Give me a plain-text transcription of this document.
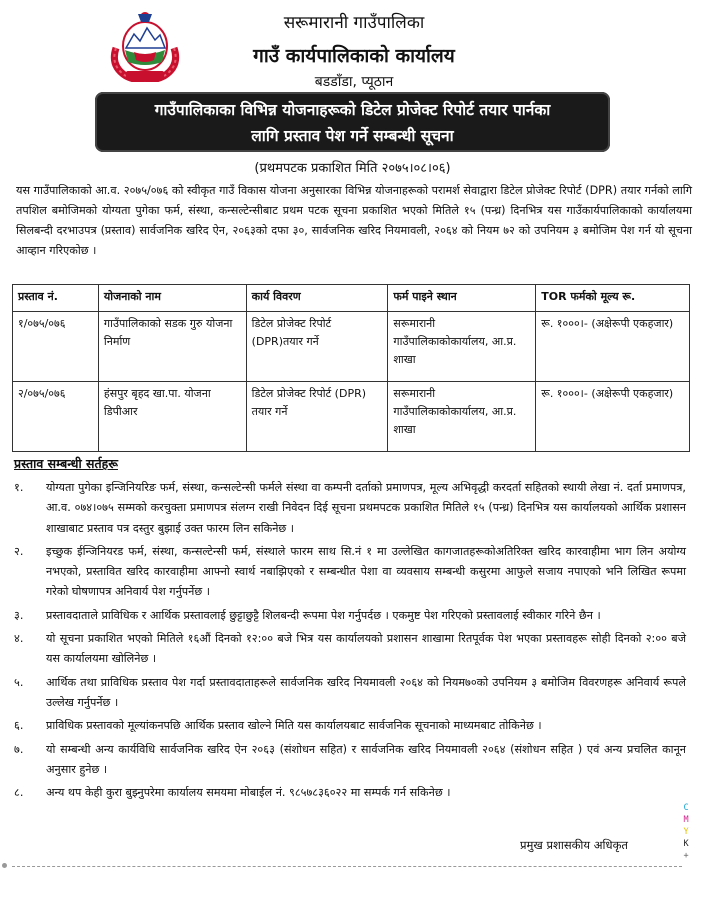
सरूमारानी गाउँपालिका
गाउँ कार्यपालिकाको कार्यालय
बडडाँडा, प्यूठान
गाउँपालिकाका विभिन्न योजनाहरूको डिटेल प्रोजेक्ट रिपोर्ट तयार पार्नका
लागि प्रस्ताव पेश गर्ने सम्बन्धी सूचना
(प्रथमपटक प्रकाशित मिति २०७५।०८।०६)
यस गाउँपालिकाको आ.व. २०७५/०७६ को स्वीकृत गाउँ विकास योजना अनुसारका विभिन्न योजनाहरूको परामर्श सेवाद्वारा डिटेल प्रोजेक्ट रिपोर्ट (DPR) तयार गर्नको लागि तपशिल बमोजिमको योग्यता पुगेका फर्म, संस्था, कन्सल्टेन्सीबाट प्रथम पटक सूचना प्रकाशित भएको मितिले १५ (पन्ध्र) दिनभित्र यस गाउँकार्यपालिकाको कार्यालयमा सिलबन्दी दरभाउपत्र (प्रस्ताव) सार्वजनिक खरिद ऐन, २०६३को दफा ३०, सार्वजनिक खरिद नियमावली, २०६४ को नियम ७२ को उपनियम ३ बमोजिम पेश गर्न यो सूचना आव्हान गरिएकोछ ।
प्रस्ताव नं.	योजनाको नाम	कार्य विवरण	फर्म पाइने स्थान	TOR फर्मको मूल्य रू.
१/०७५/०७६	गाउँपालिकाको सडक गुरु योजना निर्माण	डिटेल प्रोजेक्ट रिपोर्ट (DPR)तयार गर्ने	सरूमारानी गाउँपालिकाकोकार्यालय, आ.प्र. शाखा	रू. १०००।- (अक्षेरूपी एकहजार)
२/०७५/०७६	हंसपुर बृहद खा.पा. योजना डिपीआर	डिटेल प्रोजेक्ट रिपोर्ट (DPR) तयार गर्ने	सरूमारानी गाउँपालिकाकोकार्यालय, आ.प्र. शाखा	रू. १०००।- (अक्षेरूपी एकहजार)
प्रस्ताव सम्बन्धी सर्तहरू
१. योग्यता पुगेका इन्जिनियरिङ फर्म, संस्था, कन्सल्टेन्सी फर्मले संस्था वा कम्पनी दर्ताको प्रमाणपत्र, मूल्य अभिवृद्धी करदर्ता सहितको स्थायी लेखा नं. दर्ता प्रमाणपत्र, आ.व. ०७४।०७५ सम्मको करचुक्ता प्रमाणपत्र संलग्न राखी निवेदन दिई सूचना प्रथमपटक प्रकाशित मितिले १५ (पन्ध्र) दिनभित्र यस कार्यालयको आर्थिक प्रशासन शाखाबाट प्रस्ताव पत्र दस्तुर बुझाई उक्त फारम लिन सकिनेछ ।
२. इच्छुक ईन्जिनियरड फर्म, संस्था, कन्सल्टेन्सी फर्म, संस्थाले फारम साथ सि.नं १ मा उल्लेखित कागजातहरूकोअतिरिक्त खरिद कारवाहीमा भाग लिन अयोग्य नभएको, प्रस्तावित खरिद कारवाहीमा आफ्नो स्वार्थ नबाझिएको र सम्बन्धीत पेशा वा व्यवसाय सम्बन्धी कसुरमा आफुले सजाय नपाएको भनि लिखित रूपमा गरेको घोषणापत्र अनिवार्य पेश गर्नुपर्नेछ ।
३. प्रस्तावदाताले प्राविधिक र आर्थिक प्रस्तावलाई छुट्टाछुट्टै शिलबन्दी रूपमा पेश गर्नुपर्दछ । एकमुष्ट पेश गरिएको प्रस्तावलाई स्वीकार गरिने छैन ।
४. यो सूचना प्रकाशित भएको मितिले १६औं दिनको १२:०० बजे भित्र यस कार्यालयको प्रशासन शाखामा रितपूर्वक पेश भएका प्रस्तावहरू सोही दिनको २:०० बजे यस कार्यालयमा खोलिनेछ ।
५. आर्थिक तथा प्राविधिक प्रस्ताव पेश गर्दा प्रस्तावदाताहरूले सार्वजनिक खरिद नियमावली २०६४ को नियम७०को उपनियम ३ बमोजिम विवरणहरू अनिवार्य रूपले उल्लेख गर्नुपर्नेछ ।
६. प्राविधिक प्रस्तावको मूल्यांकनपछि आर्थिक प्रस्ताव खोल्ने मिति यस कार्यालयबाट सार्वजनिक सूचनाको माध्यमबाट तोकिनेछ ।
७. यो सम्बन्धी अन्य कार्यविधि सार्वजनिक खरिद ऐन २०६३ (संशोधन सहित) र सार्वजनिक खरिद नियमावली २०६४ (संशोधन सहित ) एवं अन्य प्रचलित कानून अनुसार हुनेछ ।
८. अन्य थप केही कुरा बुझ्नुपरेमा कार्यालय समयमा मोबाईल नं. ९८५७८३६०२२ मा सम्पर्क गर्न सकिनेछ ।
प्रमुख प्रशासकीय अधिकृत
C
M
Y
K
+
